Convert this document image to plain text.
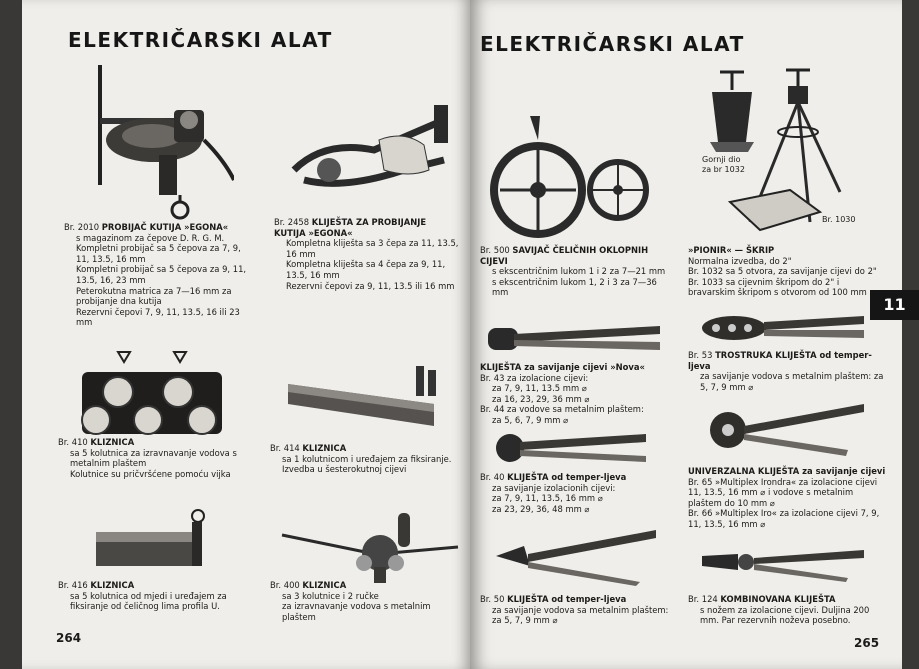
ELEKTRIČARSKI ALAT

Br. 2010 PROBIJAČ KUTIJA »EGONA«

s magazinom za čepove D. R. G. M.

Kompletni probijač sa 5 čepova za 7, 9, 11, 13.5, 16 mm

Kompletni probijač sa 5 čepova za 9, 11, 13.5, 16, 23 mm

Peterokutna matrica za 7—16 mm za probijanje dna kutija

Rezervni čepovi 7, 9, 11, 13.5, 16 ili 23 mm

Br. 2458 KLIJEŠTA ZA PROBIJANJE KUTIJA »EGONA«

Kompletna kliješta sa 3 čepa za 11, 13.5, 16 mm

Kompletna kliješta sa 4 čepa za 9, 11, 13.5, 16 mm

Rezervni čepovi za 9, 11, 13.5 ili 16 mm

Br. 410 KLIZNICA

sa 5 kolutnica za izravnavanje vodova s metalnim plaštem

Kolutnice su pričvršćene pomoću vijka

Br. 414 KLIZNICA

sa 1 kolutnicom i uređajem za fiksiranje. Izvedba u šesterokutnoj cijevi

Br. 416 KLIZNICA

sa 5 kolutnica od mjedi i uređajem za fiksiranje od čeličnog lima profila U.

Br. 400 KLIZNICA

sa 3 kolutnice i 2 ručke

za izravnavanje vodova s metalnim plaštem

264
ELEKTRIČARSKI ALAT
Gornji dio
za br 1032
Br. 1030

Br. 500 SAVIJAČ ČELIČNIH OKLOPNIH CIJEVI

s ekscentričnim lukom 1 i 2 za 7—21 mm

s ekscentričnim lukom 1, 2 i 3 za 7—36 mm

»PIONIR« — ŠKRIP

Normalna izvedba, do 2"

Br. 1032 sa 5 otvora, za savijanje cijevi do 2"

Br. 1033 sa cijevnim škripom do 2" i bravarskim škripom s otvorom od 100 mm

KLIJEŠTA za savijanje cijevi »Nova«

Br. 43 za izolacione cijevi:

za 7, 9, 11, 13.5 mm ⌀

za 16, 23, 29, 36 mm ⌀

Br. 44 za vodove sa metalnim plaštem:

za 5, 6, 7, 9 mm ⌀

Br. 53 TROSTRUKA KLIJEŠTA od temper-lјeva

za savijanje vodova s metalnim plaštem: za 5, 7, 9 mm ⌀

Br. 40 KLIJEŠTA od temper-lјeva

za savijanje izolacionih cijevi:

za 7, 9, 11, 13.5, 16 mm ⌀

za 23, 29, 36, 48 mm ⌀

UNIVERZALNA KLIJEŠTA za savijanje cijevi

Br. 65 »Multiplex Irondra« za izolacione cijevi 11, 13.5, 16 mm ⌀ i vodove s metalnim plaštem do 10 mm ⌀

Br. 66 »Multiplex Iro« za izolacione cijevi 7, 9, 11, 13.5, 16 mm ⌀

Br. 50 KLIJEŠTA od temper-lјeva

za savijanje vodova sa metalnim plaštem: za 5, 7, 9 mm ⌀

Br. 124 KOMBINOVANA KLIJEŠTA

s nožem za izolacione cijevi. Duljina 200 mm. Par rezervnih noževa posebno.

265
11
